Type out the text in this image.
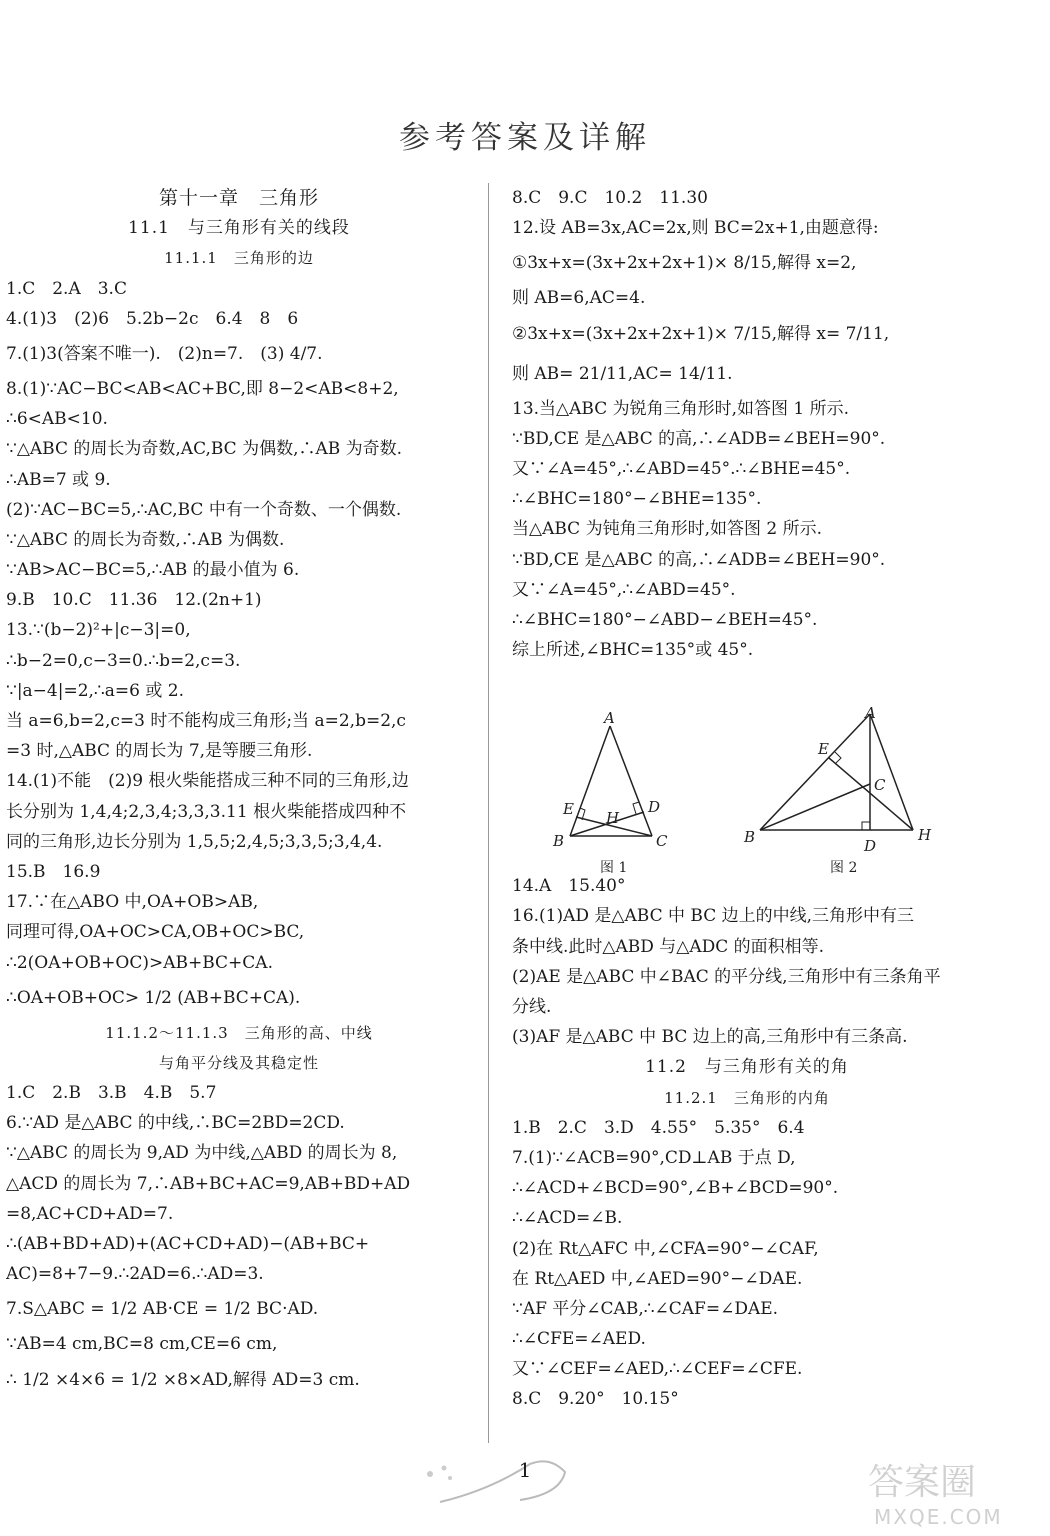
参考答案及详解
第十一章　三角形
11.1　与三角形有关的线段
11.1.1　三角形的边
1.C　2.A　3.C
4.(1)3　(2)6　5.2b−2c　6.4　8　6
7.(1)3(答案不唯一).　(2)n=7.　(3) 4/7.
8.(1)∵AC−BC<AB<AC+BC,即 8−2<AB<8+2,
∴6<AB<10.
∵△ABC 的周长为奇数,AC,BC 为偶数,∴AB 为奇数.
∴AB=7 或 9.
(2)∵AC−BC=5,∴AC,BC 中有一个奇数、一个偶数.
∵△ABC 的周长为奇数,∴AB 为偶数.
∵AB>AC−BC=5,∴AB 的最小值为 6.
9.B　10.C　11.36　12.(2n+1)
13.∵(b−2)²+|c−3|=0,
∴b−2=0,c−3=0.∴b=2,c=3.
∵|a−4|=2,∴a=6 或 2.
当 a=6,b=2,c=3 时不能构成三角形;当 a=2,b=2,c
=3 时,△ABC 的周长为 7,是等腰三角形.
14.(1)不能　(2)9 根火柴能搭成三种不同的三角形,边
长分别为 1,4,4;2,3,4;3,3,3.11 根火柴能搭成四种不
同的三角形,边长分别为 1,5,5;2,4,5;3,3,5;3,4,4.
15.B　16.9
17.∵在△ABO 中,OA+OB>AB,
同理可得,OA+OC>CA,OB+OC>BC,
∴2(OA+OB+OC)>AB+BC+CA.
∴OA+OB+OC> 1/2 (AB+BC+CA).
11.1.2～11.1.3　三角形的高、中线
与角平分线及其稳定性
1.C　2.B　3.B　4.B　5.7
6.∵AD 是△ABC 的中线,∴BC=2BD=2CD.
∵△ABC 的周长为 9,AD 为中线,△ABD 的周长为 8,
△ACD 的周长为 7,∴AB+BC+AC=9,AB+BD+AD
=8,AC+CD+AD=7.
∴(AB+BD+AD)+(AC+CD+AD)−(AB+BC+
AC)=8+7−9.∴2AD=6.∴AD=3.
7.S△ABC = 1/2 AB·CE = 1/2 BC·AD.
∵AB=4 cm,BC=8 cm,CE=6 cm,
∴ 1/2 ×4×6 = 1/2 ×8×AD,解得 AD=3 cm.
8.C　9.C　10.2　11.30
12.设 AB=3x,AC=2x,则 BC=2x+1,由题意得:
①3x+x=(3x+2x+2x+1)× 8/15,解得 x=2,
则 AB=6,AC=4.
②3x+x=(3x+2x+2x+1)× 7/15,解得 x= 7/11,
则 AB= 21/11,AC= 14/11.
13.当△ABC 为锐角三角形时,如答图 1 所示.
∵BD,CE 是△ABC 的高,∴∠ADB=∠BEH=90°.
又∵∠A=45°,∴∠ABD=45°.∴∠BHE=45°.
∴∠BHC=180°−∠BHE=135°.
当△ABC 为钝角三角形时,如答图 2 所示.
∵BD,CE 是△ABC 的高,∴∠ADB=∠BEH=90°.
又∵∠A=45°,∴∠ABD=45°.
∴∠BHC=180°−∠ABD−∠BEH=45°.
综上所述,∠BHC=135°或 45°.
14.A　15.40°
16.(1)AD 是△ABC 中 BC 边上的中线,三角形中有三
条中线.此时△ABD 与△ADC 的面积相等.
(2)AE 是△ABC 中∠BAC 的平分线,三角形中有三条角平
分线.
(3)AF 是△ABC 中 BC 边上的高,三角形中有三条高.
11.2　与三角形有关的角
11.2.1　三角形的内角
1.B　2.C　3.D　4.55°　5.35°　6.4
7.(1)∵∠ACB=90°,CD⊥AB 于点 D,
∴∠ACD+∠BCD=90°,∠B+∠BCD=90°.
∴∠ACD=∠B.
(2)在 Rt△AFC 中,∠CFA=90°−∠CAF,
在 Rt△AED 中,∠AED=90°−∠DAE.
∵AF 平分∠CAB,∴∠CAF=∠DAE.
∴∠CFE=∠AED.
又∵∠CEF=∠AED,∴∠CEF=∠CFE.
8.C　9.20°　10.15°
A
B	C
D
E H
图 1
A
B
C
D
E
H
图 2
1	答案圈
MXQE.COM
